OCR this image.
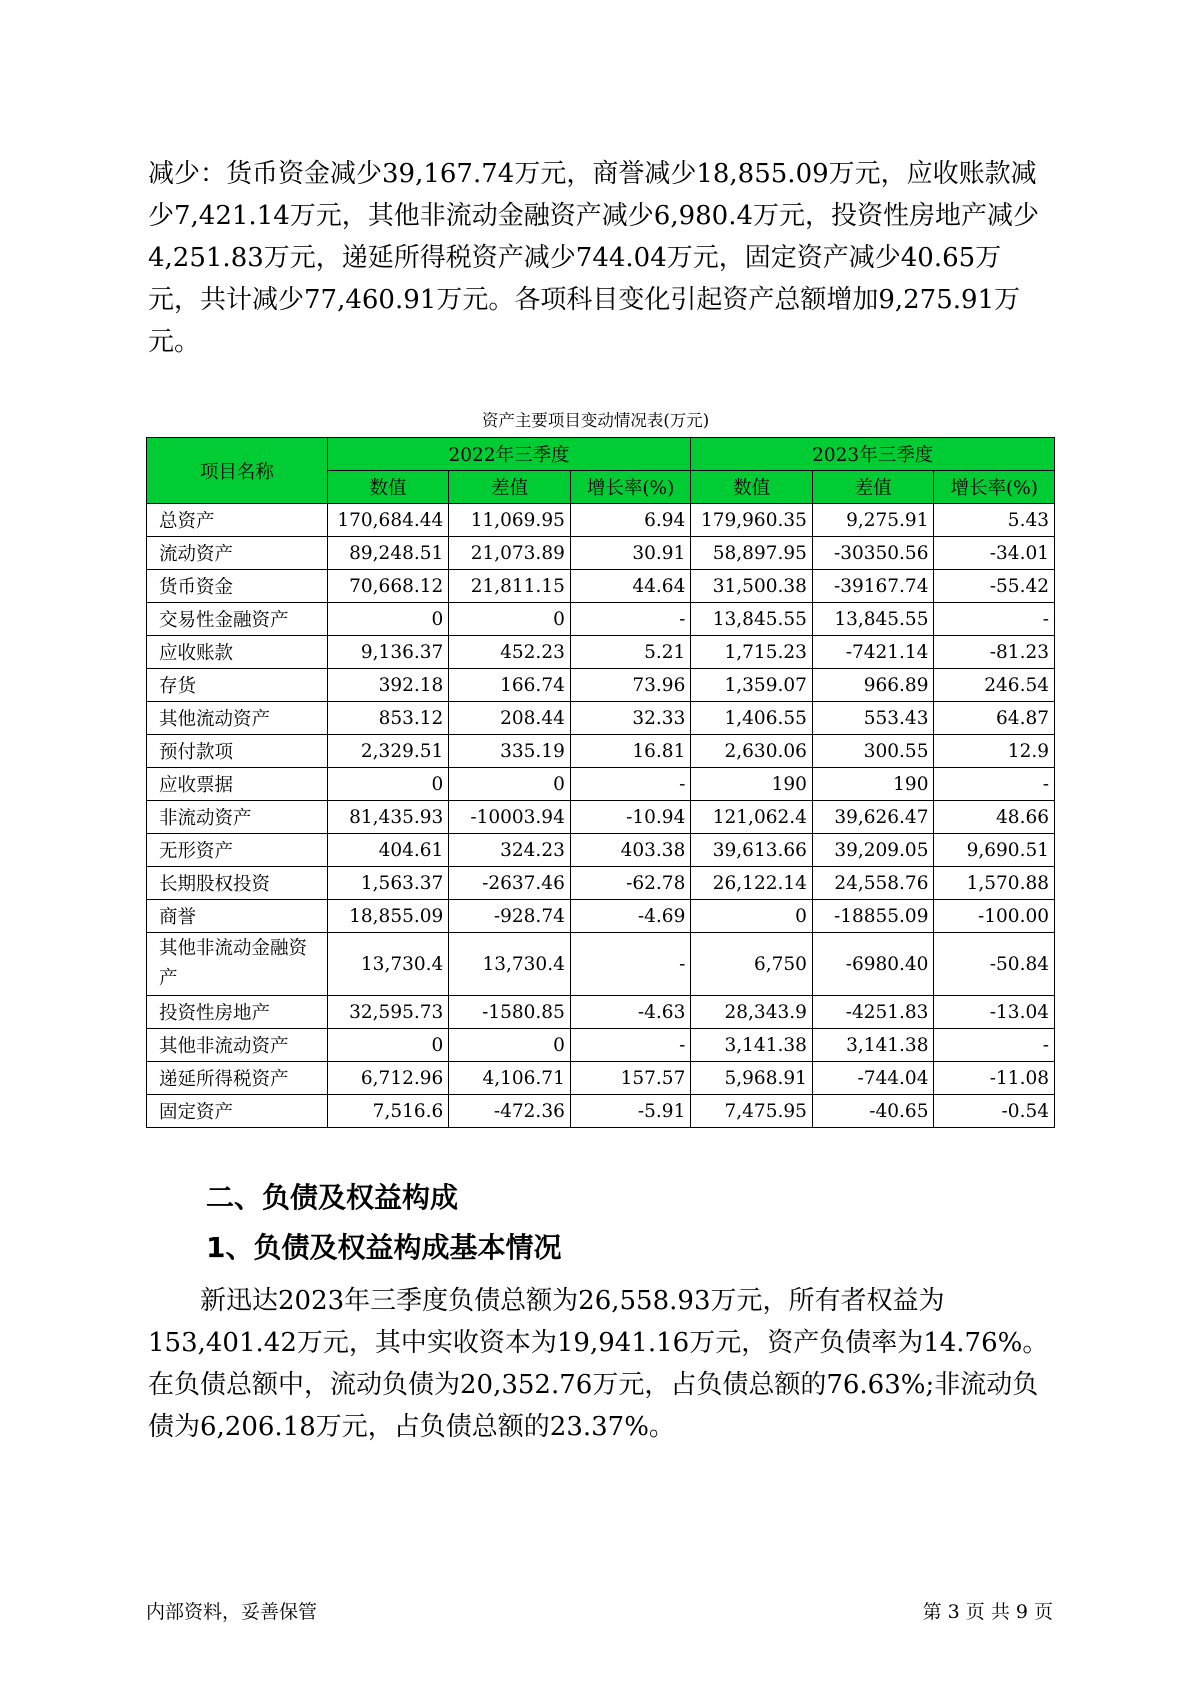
减少：货币资金减少39,167.74万元，商誉减少18,855.09万元，应收账款减少7,421.14万元，其他非流动金融资产减少6,980.4万元，投资性房地产减少4,251.83万元，递延所得税资产减少744.04万元，固定资产减少40.65万元，共计减少77,460.91万元。各项科目变化引起资产总额增加9,275.91万元。

资产主要项目变动情况表(万元)
项目名称	2022年三季度			2023年三季度		
	数值	差值	增长率(%)	数值	差值	增长率(%)
总资产	170,684.44	11,069.95	6.94	179,960.35	9,275.91	5.43
流动资产	89,248.51	21,073.89	30.91	58,897.95	-30350.56	-34.01
货币资金	70,668.12	21,811.15	44.64	31,500.38	-39167.74	-55.42
交易性金融资产	0	0	-	13,845.55	13,845.55	-
应收账款	9,136.37	452.23	5.21	1,715.23	-7421.14	-81.23
存货	392.18	166.74	73.96	1,359.07	966.89	246.54
其他流动资产	853.12	208.44	32.33	1,406.55	553.43	64.87
预付款项	2,329.51	335.19	16.81	2,630.06	300.55	12.9
应收票据	0	0	-	190	190	-
非流动资产	81,435.93	-10003.94	-10.94	121,062.4	39,626.47	48.66
无形资产	404.61	324.23	403.38	39,613.66	39,209.05	9,690.51
长期股权投资	1,563.37	-2637.46	-62.78	26,122.14	24,558.76	1,570.88
商誉	18,855.09	-928.74	-4.69	0	-18855.09	-100.00
其他非流动金融资产	13,730.4	13,730.4	-	6,750	-6980.40	-50.84
投资性房地产	32,595.73	-1580.85	-4.63	28,343.9	-4251.83	-13.04
其他非流动资产	0	0	-	3,141.38	3,141.38	-
递延所得税资产	6,712.96	4,106.71	157.57	5,968.91	-744.04	-11.08
固定资产	7,516.6	-472.36	-5.91	7,475.95	-40.65	-0.54
二、负债及权益构成
1、负债及权益构成基本情况

新迅达2023年三季度负债总额为26,558.93万元，所有者权益为153,401.42万元，其中实收资本为19,941.16万元，资产负债率为14.76%。在负债总额中，流动负债为20,352.76万元，占负债总额的76.63%;非流动负债为6,206.18万元，占负债总额的23.37%。

内部资料，妥善保管	第 3 页 共 9 页
